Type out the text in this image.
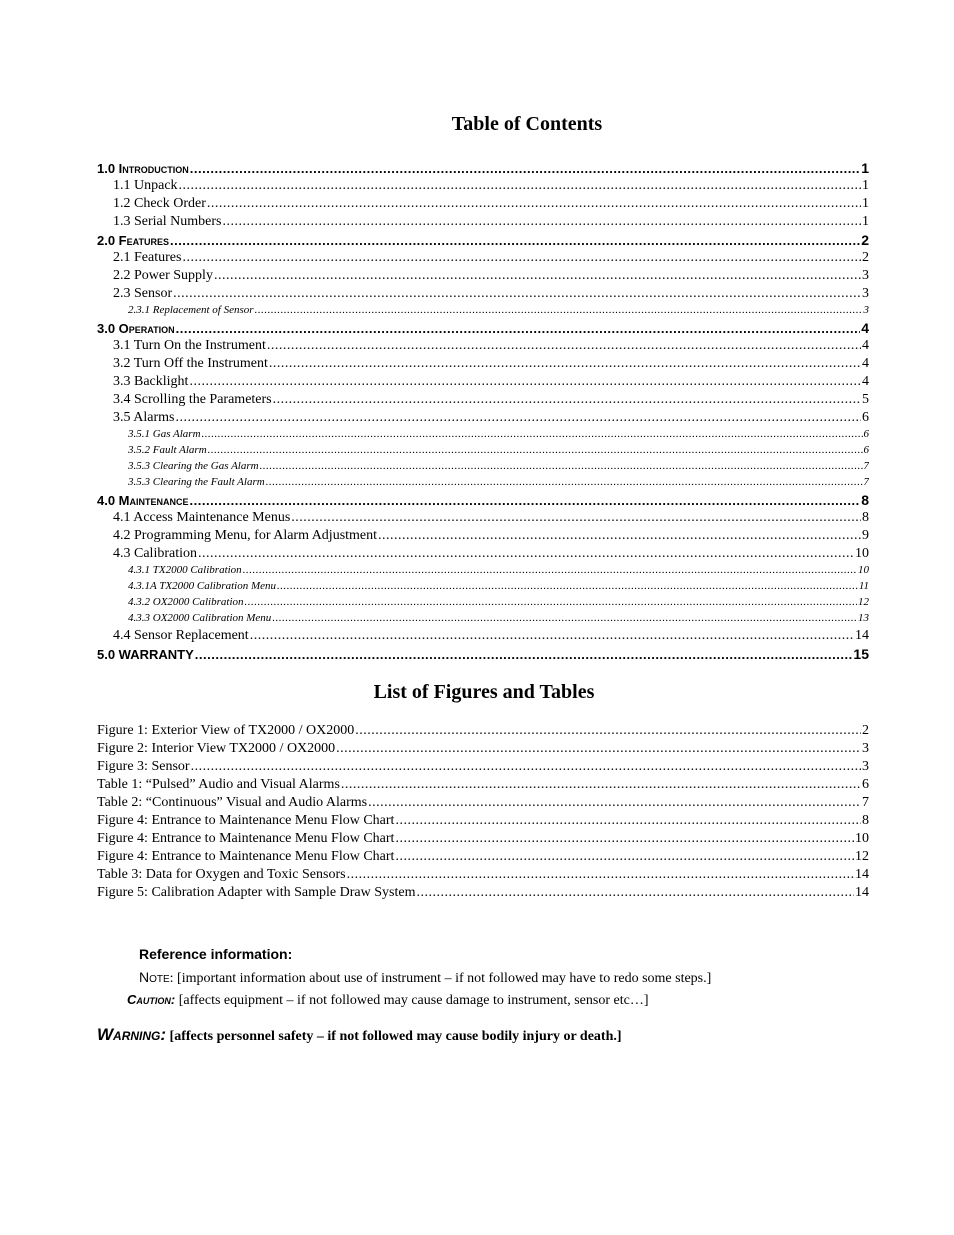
Table of Contents
1.0 Introduction .....	1
1.1 Unpack .....	1
1.2 Check Order .....	1
1.3 Serial Numbers .....	1
2.0 Features .....	2
2.1 Features .....	2
2.2 Power Supply .....	3
2.3 Sensor .....	3
2.3.1 Replacement of Sensor .....	3
3.0 Operation .....	4
3.1 Turn On the Instrument .....	4
3.2 Turn Off the Instrument .....	4
3.3 Backlight .....	4
3.4 Scrolling the Parameters .....	5
3.5 Alarms .....	6
3.5.1 Gas Alarm .....	6
3.5.2 Fault Alarm .....	6
3.5.3 Clearing the Gas Alarm .....	7
3.5.3 Clearing the Fault Alarm .....	7
4.0 Maintenance .....	8
4.1 Access Maintenance Menus .....	8
4.2 Programming Menu, for Alarm Adjustment .....	9
4.3 Calibration .....	10
4.3.1 TX2000 Calibration .....	10
4.3.1A TX2000 Calibration Menu .....	11
4.3.2 OX2000 Calibration .....	12
4.3.3 OX2000 Calibration Menu .....	13
4.4 Sensor Replacement .....	14
5.0 WARRANTY .....	15
List of Figures and Tables
Figure 1: Exterior View of TX2000 / OX2000 .....	2
Figure 2: Interior View TX2000 / OX2000 .....	3
Figure 3: Sensor .....	3
Table 1: “Pulsed” Audio and Visual Alarms .....	6
Table 2: “Continuous” Visual and Audio Alarms .....	7
Figure 4: Entrance to Maintenance Menu Flow Chart .....	8
Figure 4: Entrance to Maintenance Menu Flow Chart .....	10
Figure 4: Entrance to Maintenance Menu Flow Chart .....	12
Table 3: Data for Oxygen and Toxic Sensors .....	14
Figure 5: Calibration Adapter with Sample Draw System .....	14
Reference information:
Note: [important information about use of instrument – if not followed may have to redo some steps.]
Caution: [affects equipment – if not followed may cause damage to instrument, sensor etc…]
Warning: [affects personnel safety – if not followed may cause bodily injury or death.]
